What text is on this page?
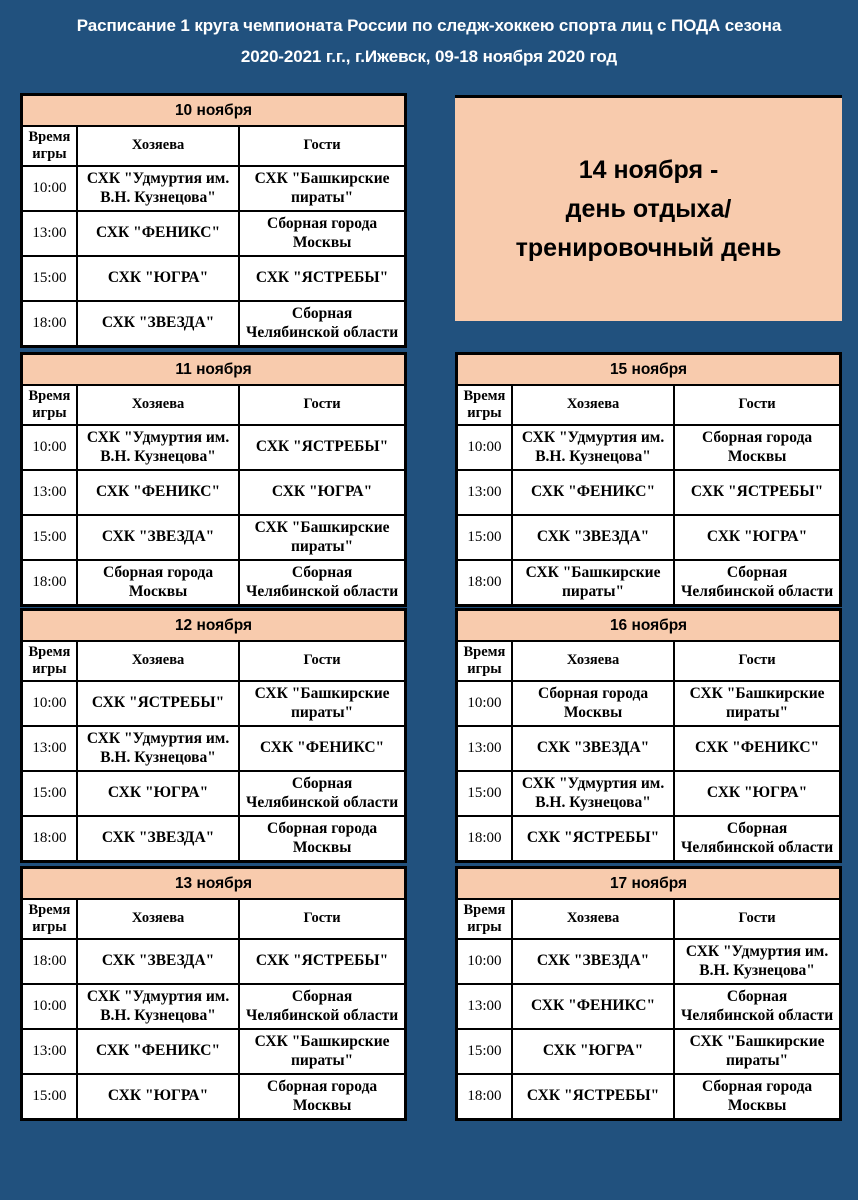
Расписание 1 круга чемпионата России по следж-хоккею спорта лиц с ПОДА сезона
2020-2021 г.г., г.Ижевск, 09-18 ноября 2020 год
14 ноября -
день отдыха/
тренировочный день
10 ноября		
Время игры	Хозяева	Гости
10:00	СХК "Удмуртия им. В.Н. Кузнецова"	СХК "Башкирские пираты"
13:00	СХК "ФЕНИКС"	Сборная города Москвы
15:00	СХК "ЮГРА"	СХК "ЯСТРЕБЫ"
18:00	СХК "ЗВЕЗДА"	Сборная Челябинской области
11 ноября		
Время игры	Хозяева	Гости
10:00	СХК "Удмуртия им. В.Н. Кузнецова"	СХК "ЯСТРЕБЫ"
13:00	СХК "ФЕНИКС"	СХК "ЮГРА"
15:00	СХК "ЗВЕЗДА"	СХК "Башкирские пираты"
18:00	Сборная города Москвы	Сборная Челябинской области
12 ноября		
Время игры	Хозяева	Гости
10:00	СХК "ЯСТРЕБЫ"	СХК "Башкирские пираты"
13:00	СХК "Удмуртия им. В.Н. Кузнецова"	СХК "ФЕНИКС"
15:00	СХК "ЮГРА"	Сборная Челябинской области
18:00	СХК "ЗВЕЗДА"	Сборная города Москвы
13 ноября		
Время игры	Хозяева	Гости
18:00	СХК "ЗВЕЗДА"	СХК "ЯСТРЕБЫ"
10:00	СХК "Удмуртия им. В.Н. Кузнецова"	Сборная Челябинской области
13:00	СХК "ФЕНИКС"	СХК "Башкирские пираты"
15:00	СХК "ЮГРА"	Сборная города Москвы
15 ноября		
Время игры	Хозяева	Гости
10:00	СХК "Удмуртия им. В.Н. Кузнецова"	Сборная города Москвы
13:00	СХК "ФЕНИКС"	СХК "ЯСТРЕБЫ"
15:00	СХК "ЗВЕЗДА"	СХК "ЮГРА"
18:00	СХК "Башкирские пираты"	Сборная Челябинской области
16 ноября		
Время игры	Хозяева	Гости
10:00	Сборная города Москвы	СХК "Башкирские пираты"
13:00	СХК "ЗВЕЗДА"	СХК "ФЕНИКС"
15:00	СХК "Удмуртия им. В.Н. Кузнецова"	СХК "ЮГРА"
18:00	СХК "ЯСТРЕБЫ"	Сборная Челябинской области
17 ноября		
Время игры	Хозяева	Гости
10:00	СХК "ЗВЕЗДА"	СХК "Удмуртия им. В.Н. Кузнецова"
13:00	СХК "ФЕНИКС"	Сборная Челябинской области
15:00	СХК "ЮГРА"	СХК "Башкирские пираты"
18:00	СХК "ЯСТРЕБЫ"	Сборная города Москвы
